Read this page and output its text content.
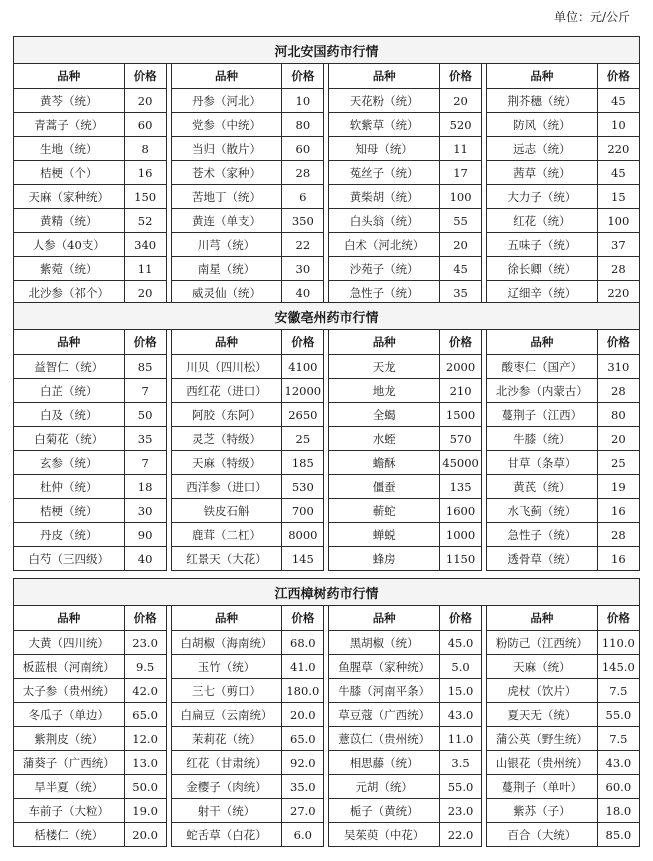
单位：元/公斤
河北安国药市行情										
品种	价格		品种	价格		品种	价格		品种	价格
黄芩（统）	20		丹参（河北）	10		天花粉（统）	20		荆芥穗（统）	45
青蒿子（统）	60		党参（中统）	80		软紫草（统）	520		防风（统）	10
生地（统）	8		当归（散片）	60		知母（统）	11		远志（统）	220
桔梗（个）	16		苍术（家种）	28		菟丝子（统）	17		茜草（统）	45
天麻（家种统）	150		苦地丁（统）	6		黄柴胡（统）	100		大力子（统）	15
黄精（统）	52		黄连（单支）	350		白头翁（统）	55		红花（统）	100
人参（40支）	340		川芎（统）	22		白术（河北统）	20		五味子（统）	37
紫菀（统）	11		南星（统）	30		沙苑子（统）	45		徐长卿（统）	28
北沙参（祁个）	20		威灵仙（统）	40		急性子（统）	35		辽细辛（统）	220
安徽亳州药市行情										
品种	价格		品种	价格		品种	价格		品种	价格
益智仁（统）	85		川贝（四川松）	4100		天龙	2000		酸枣仁（国产）	310
白芷（统）	7		西红花（进口）	12000		地龙	210		北沙参（内蒙古）	28
白及（统）	50		阿胶（东阿）	2650		全蝎	1500		蔓荆子（江西）	80
白菊花（统）	35		灵芝（特级）	25		水蛭	570		牛膝（统）	20
玄参（统）	7		天麻（特级）	185		蟾酥	45000		甘草（条草）	25
杜仲（统）	18		西洋参（进口）	530		僵蚕	135		黄芪（统）	19
桔梗（统）	30		铁皮石斛	700		蕲蛇	1600		水飞蓟（统）	16
丹皮（统）	90		鹿茸（二杠）	8000		蝉蜕	1000		急性子（统）	28
白芍（三四级）	40		红景天（大花）	145		蜂房	1150		透骨草（统）	16
江西樟树药市行情										
品种	价格		品种	价格		品种	价格		品种	价格
大黄（四川统）	23.0		白胡椒（海南统）	68.0		黑胡椒（统）	45.0		粉防己（江西统）	110.0
板蓝根（河南统）	9.5		玉竹（统）	41.0		鱼腥草（家种统）	5.0		天麻（统）	145.0
太子参（贵州统）	42.0		三七（剪口）	180.0		牛膝（河南平条）	15.0		虎杖（饮片）	7.5
冬瓜子（单边）	65.0		白扁豆（云南统）	20.0		草豆蔻（广西统）	43.0		夏天无（统）	55.0
紫荆皮（统）	12.0		茉莉花（统）	65.0		薏苡仁（贵州统）	11.0		蒲公英（野生统）	7.5
蒲葵子（广西统）	13.0		红花（甘肃统）	92.0		相思藤（统）	3.5		山银花（贵州统）	43.0
旱半夏（统）	50.0		金樱子（肉统）	35.0		元胡（统）	55.0		蔓荆子（单叶）	60.0
车前子（大粒）	19.0		射干（统）	27.0		栀子（黄统）	23.0		紫苏（子）	18.0
栝楼仁（统）	20.0		蛇舌草（白花）	6.0		吴茱萸（中花）	22.0		百合（大统）	85.0
